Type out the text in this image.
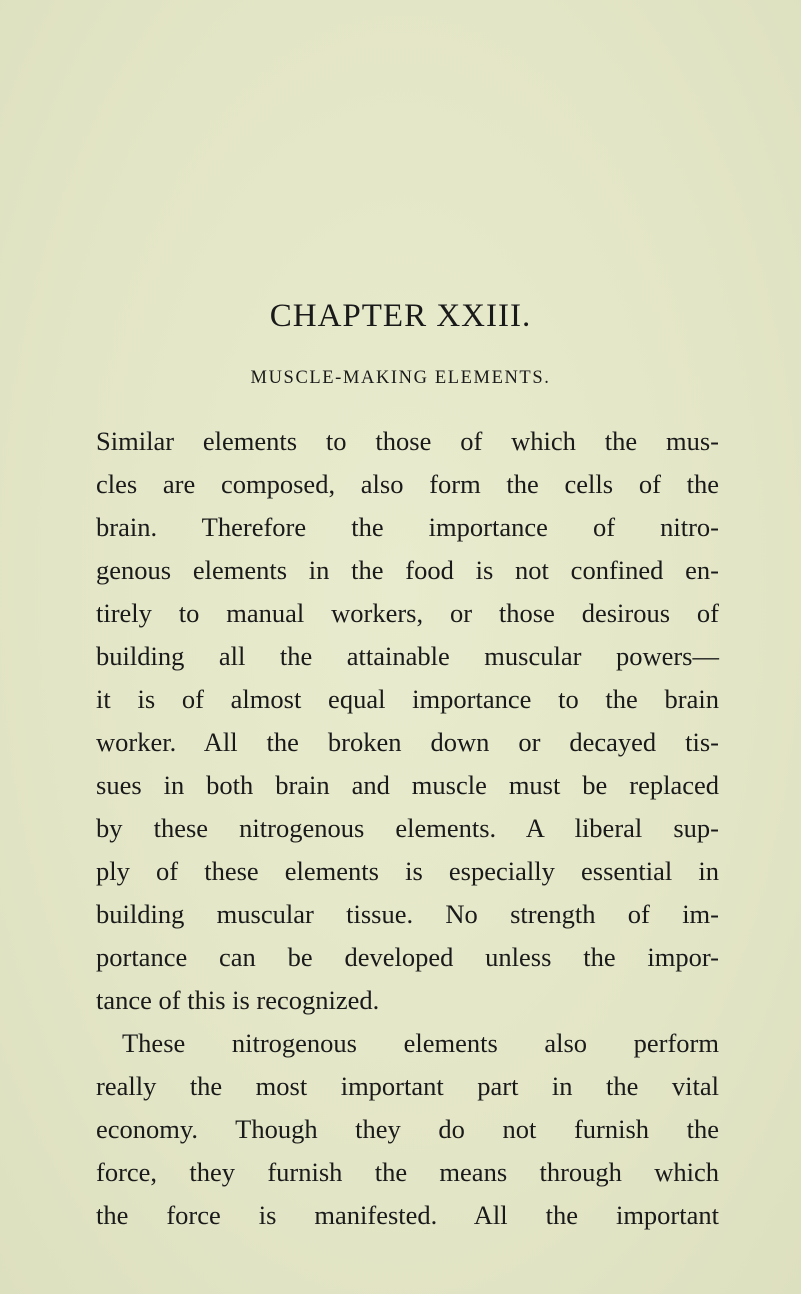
CHAPTER XXIII.
MUSCLE-MAKING ELEMENTS.
Similar elements to those of which the mus-
cles are composed, also form the cells of the
brain. Therefore the importance of nitro-
genous elements in the food is not confined en-
tirely to manual workers, or those desirous of
building all the attainable muscular powers—
it is of almost equal importance to the brain
worker. All the broken down or decayed tis-
sues in both brain and muscle must be replaced
by these nitrogenous elements. A liberal sup-
ply of these elements is especially essential in
building muscular tissue. No strength of im-
portance can be developed unless the impor-
tance of this is recognized.
These nitrogenous elements also perform
really the most important part in the vital
economy. Though they do not furnish the
force, they furnish the means through which
the force is manifested. All the important
